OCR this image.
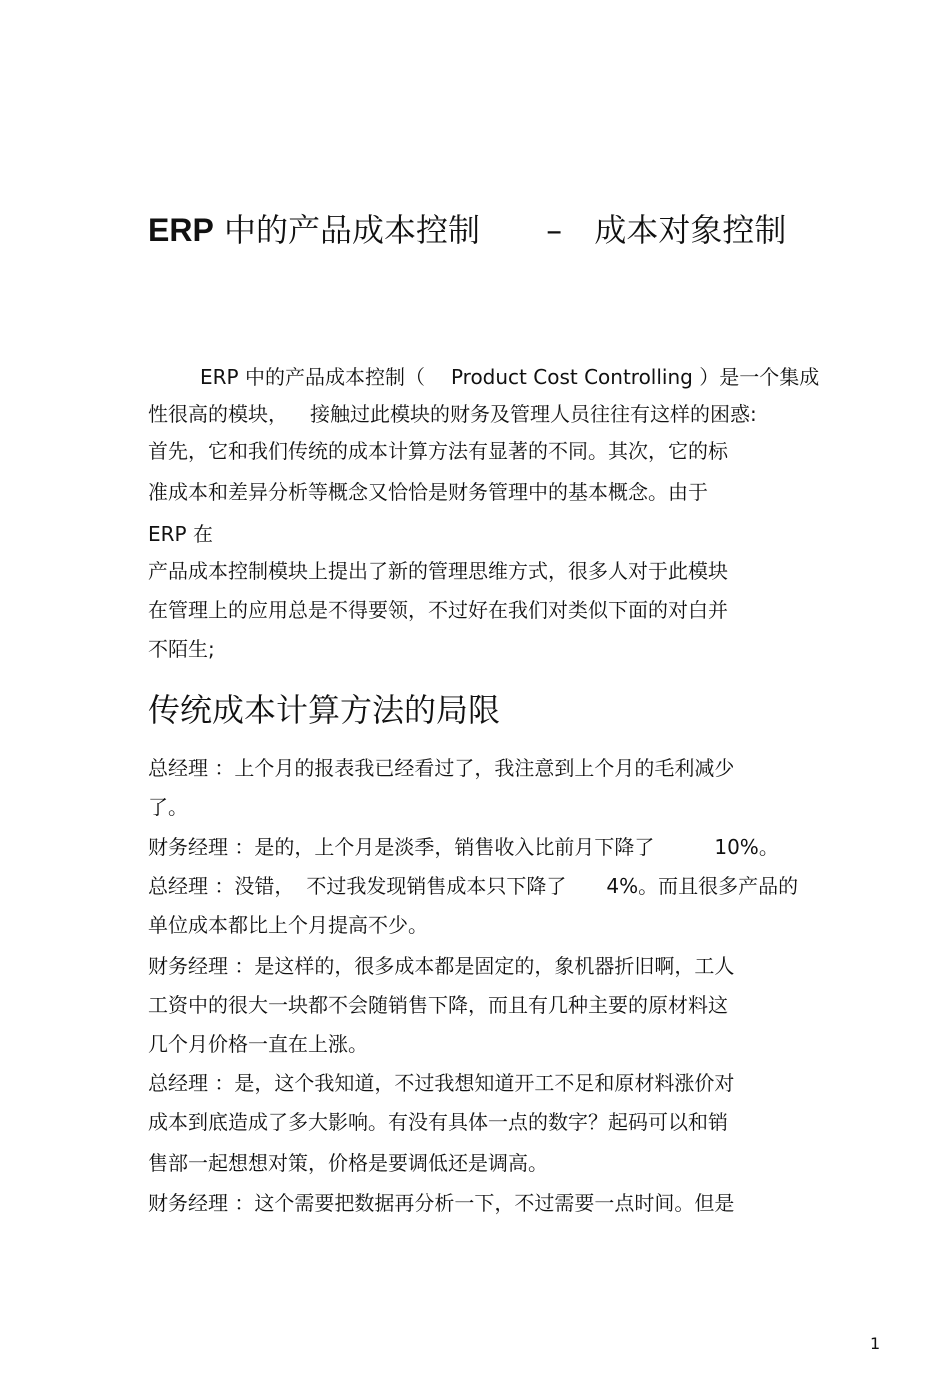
ERP 中的产品成本控制 – 成本对象控制
ERP 中的产品成本控制（ Product Cost Controlling ）是一个集成
性很高的模块， 接触过此模块的财务及管理人员往往有这样的困惑:
首先，它和我们传统的成本计算方法有显著的不同。其次，它的标
准成本和差异分析等概念又恰恰是财务管理中的基本概念。由于
ERP 在
产品成本控制模块上提出了新的管理思维方式，很多人对于此模块
在管理上的应用总是不得要领，不过好在我们对类似下面的对白并
不陌生;
传统成本计算方法的局限
总经理 ：上个月的报表我已经看过了，我注意到上个月的毛利减少
了。
财务经理 ：是的，上个月是淡季，销售收入比前月下降了	10%。
总经理 ：没错， 不过我发现销售成本只下降了 4%。而且很多产品的
单位成本都比上个月提高不少。
财务经理 ：是这样的，很多成本都是固定的，象机器折旧啊，工人
工资中的很大一块都不会随销售下降，而且有几种主要的原材料这
几个月价格一直在上涨。
总经理 ：是，这个我知道，不过我想知道开工不足和原材料涨价对
成本到底造成了多大影响。有没有具体一点的数字？起码可以和销
售部一起想想对策，价格是要调低还是调高。
财务经理 ：这个需要把数据再分析一下，不过需要一点时间。但是
1
